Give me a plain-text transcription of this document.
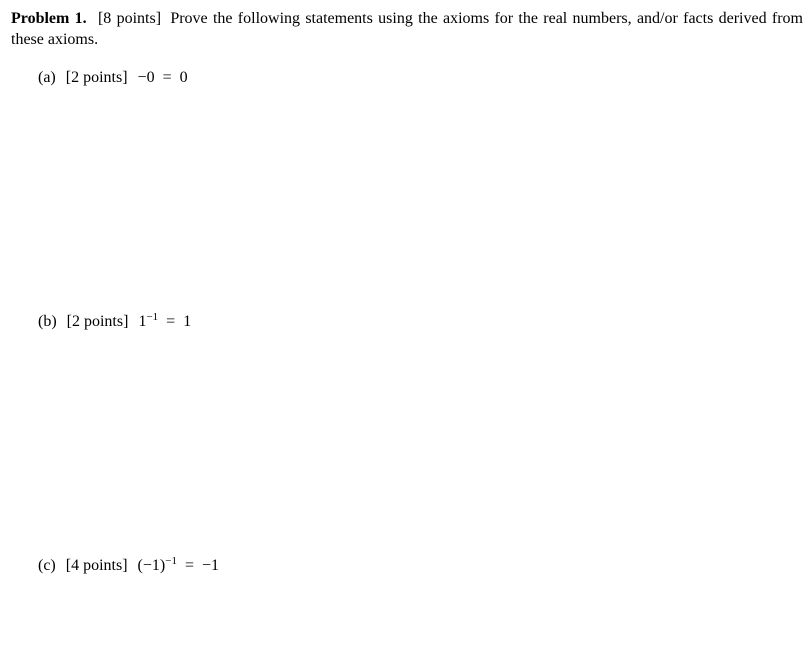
Problem 1. [8 points] Prove the following statements using the axioms for the real numbers, and/or facts derived from these axioms.
(a) [2 points] −0 = 0
(b) [2 points] $1^{-1} = 1$
(c) [4 points] $(-1)^{-1} = -1$
